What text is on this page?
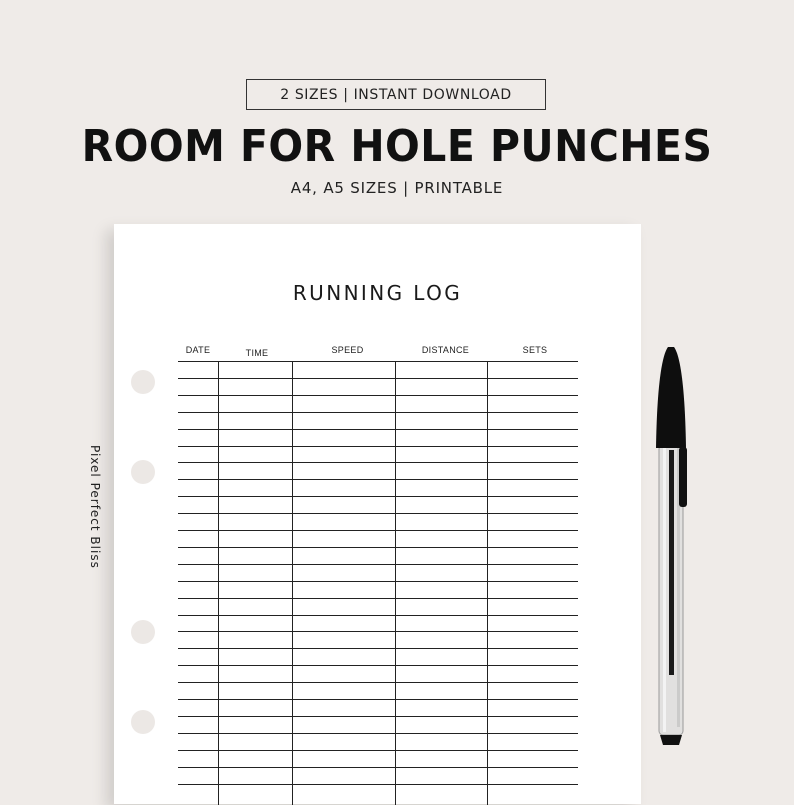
2 SIZES | INSTANT DOWNLOAD
ROOM FOR HOLE PUNCHES
A4, A5 SIZES | PRINTABLE
Pixel Perfect Bliss
RUNNING LOG
DATE	TIME	SPEED	DISTANCE	SETS
